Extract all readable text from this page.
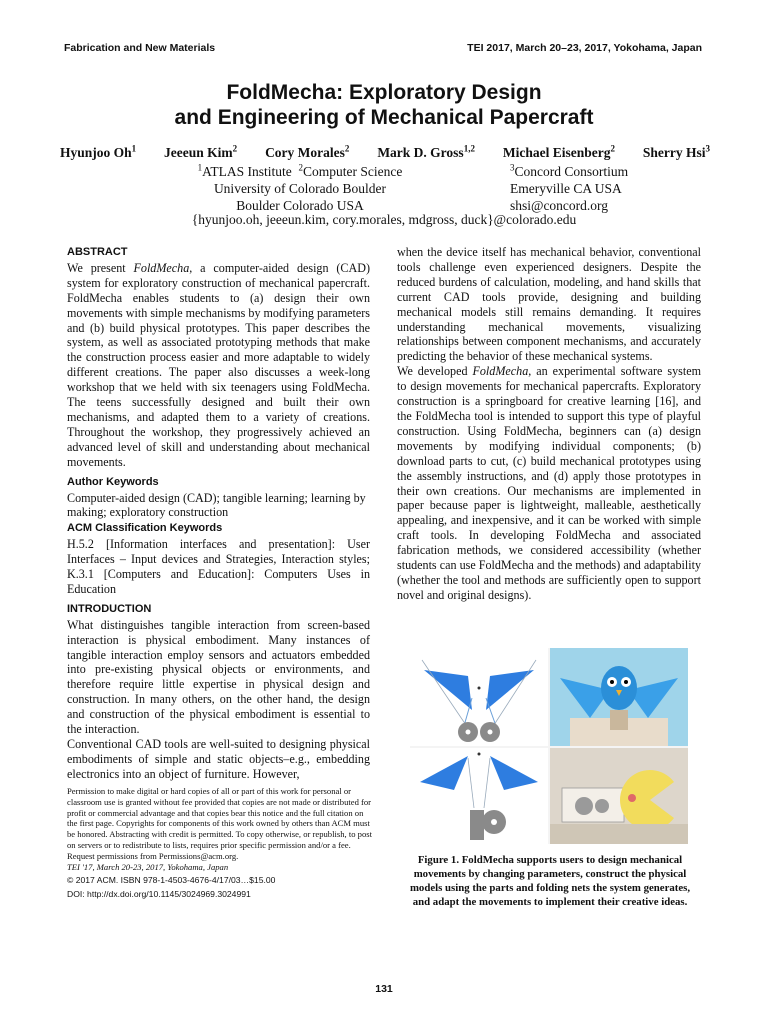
Fabrication and New Materials	TEI 2017, March 20–23, 2017, Yokohama, Japan
FoldMecha: Exploratory Design
and Engineering of Mechanical Papercraft
Hyunjoo Oh$^1$ Jeeeun Kim$^2$ Cory Morales$^2$ Mark D. Gross$^{1,2}$ Michael Eisenberg$^2$ Sherry Hsi$^3$
$^1$ATLAS Institute $^2$Computer Science
University of Colorado Boulder
Boulder Colorado USA
$^3$Concord Consortium
Emeryville CA USA
shsi@concord.org
{hyunjoo.oh, jeeeun.kim, cory.morales, mdgross, duck}@colorado.edu
ABSTRACT

We present FoldMecha, a computer-aided design (CAD) system for exploratory construction of mechanical papercraft. FoldMecha enables students to (a) design their own movements with simple mechanisms by modifying parameters and (b) build physical prototypes. This paper describes the system, as well as associated prototyping methods that make the construction process easier and more adaptable to widely different creations. The paper also discusses a week-long workshop that we held with six teenagers using FoldMecha. The teens successfully designed and built their own mechanisms, and adapted them to a variety of creations. Throughout the workshop, they progressively achieved an advanced level of skill and understanding about mechanical movements.

Author Keywords

Computer-aided design (CAD); tangible learning; learning by making; exploratory construction

ACM Classification Keywords

H.5.2 [Information interfaces and presentation]: User Interfaces – Input devices and Strategies, Interaction styles; K.3.1 [Computers and Education]: Computers Uses in Education

INTRODUCTION

What distinguishes tangible interaction from screen-based interaction is physical embodiment. Many instances of tangible interaction employ sensors and actuators embedded into pre-existing physical objects or environments, and therefore require little expertise in physical design and construction. In many others, on the other hand, the design and construction of the physical embodiment is essential to the interaction.

Conventional CAD tools are well-suited to designing physical embodiments of simple and static objects–e.g., embedding electronics into an object of furniture. However,

Permission to make digital or hard copies of all or part of this work for personal or classroom use is granted without fee provided that copies are not made or distributed for profit or commercial advantage and that copies bear this notice and the full citation on the first page. Copyrights for components of this work owned by others than ACM must be honored. Abstracting with credit is permitted. To copy otherwise, or republish, to post on servers or to redistribute to lists, requires prior specific permission and/or a fee. Request permissions from Permissions@acm.org.
TEI '17, March 20-23, 2017, Yokohama, Japan
© 2017 ACM. ISBN 978-1-4503-4676-4/17/03…$15.00
DOI: http://dx.doi.org/10.1145/3024969.3024991

when the device itself has mechanical behavior, conventional tools challenge even experienced designers. Despite the reduced burdens of calculation, modeling, and hand skills that current CAD tools provide, designing and building mechanical models still remains demanding. It requires understanding mechanical movements, visualizing relationships between component mechanisms, and accurately predicting the behavior of these mechanical systems.

We developed FoldMecha, an experimental software system to design movements for mechanical papercrafts. Exploratory construction is a springboard for creative learning [16], and the FoldMecha tool is intended to support this type of playful construction. Using FoldMecha, beginners can (a) design movements by modifying individual components; (b) download parts to cut, (c) build mechanical prototypes using the assembly instructions, and (d) apply those prototypes in their own creations. Our mechanisms are implemented in paper because paper is lightweight, malleable, aesthetically appealing, and inexpensive, and it can be worked with simple craft tools. In developing FoldMecha and associated fabrication methods, we considered accessibility (whether students can use FoldMecha and the methods) and adaptability (whether the tool and methods are sufficiently open to support novel and original designs).

Figure 1. FoldMecha supports users to design mechanical movements by changing parameters, construct the physical models using the parts and folding nets the system generates, and adapt the movements to implement their creative ideas.
131
